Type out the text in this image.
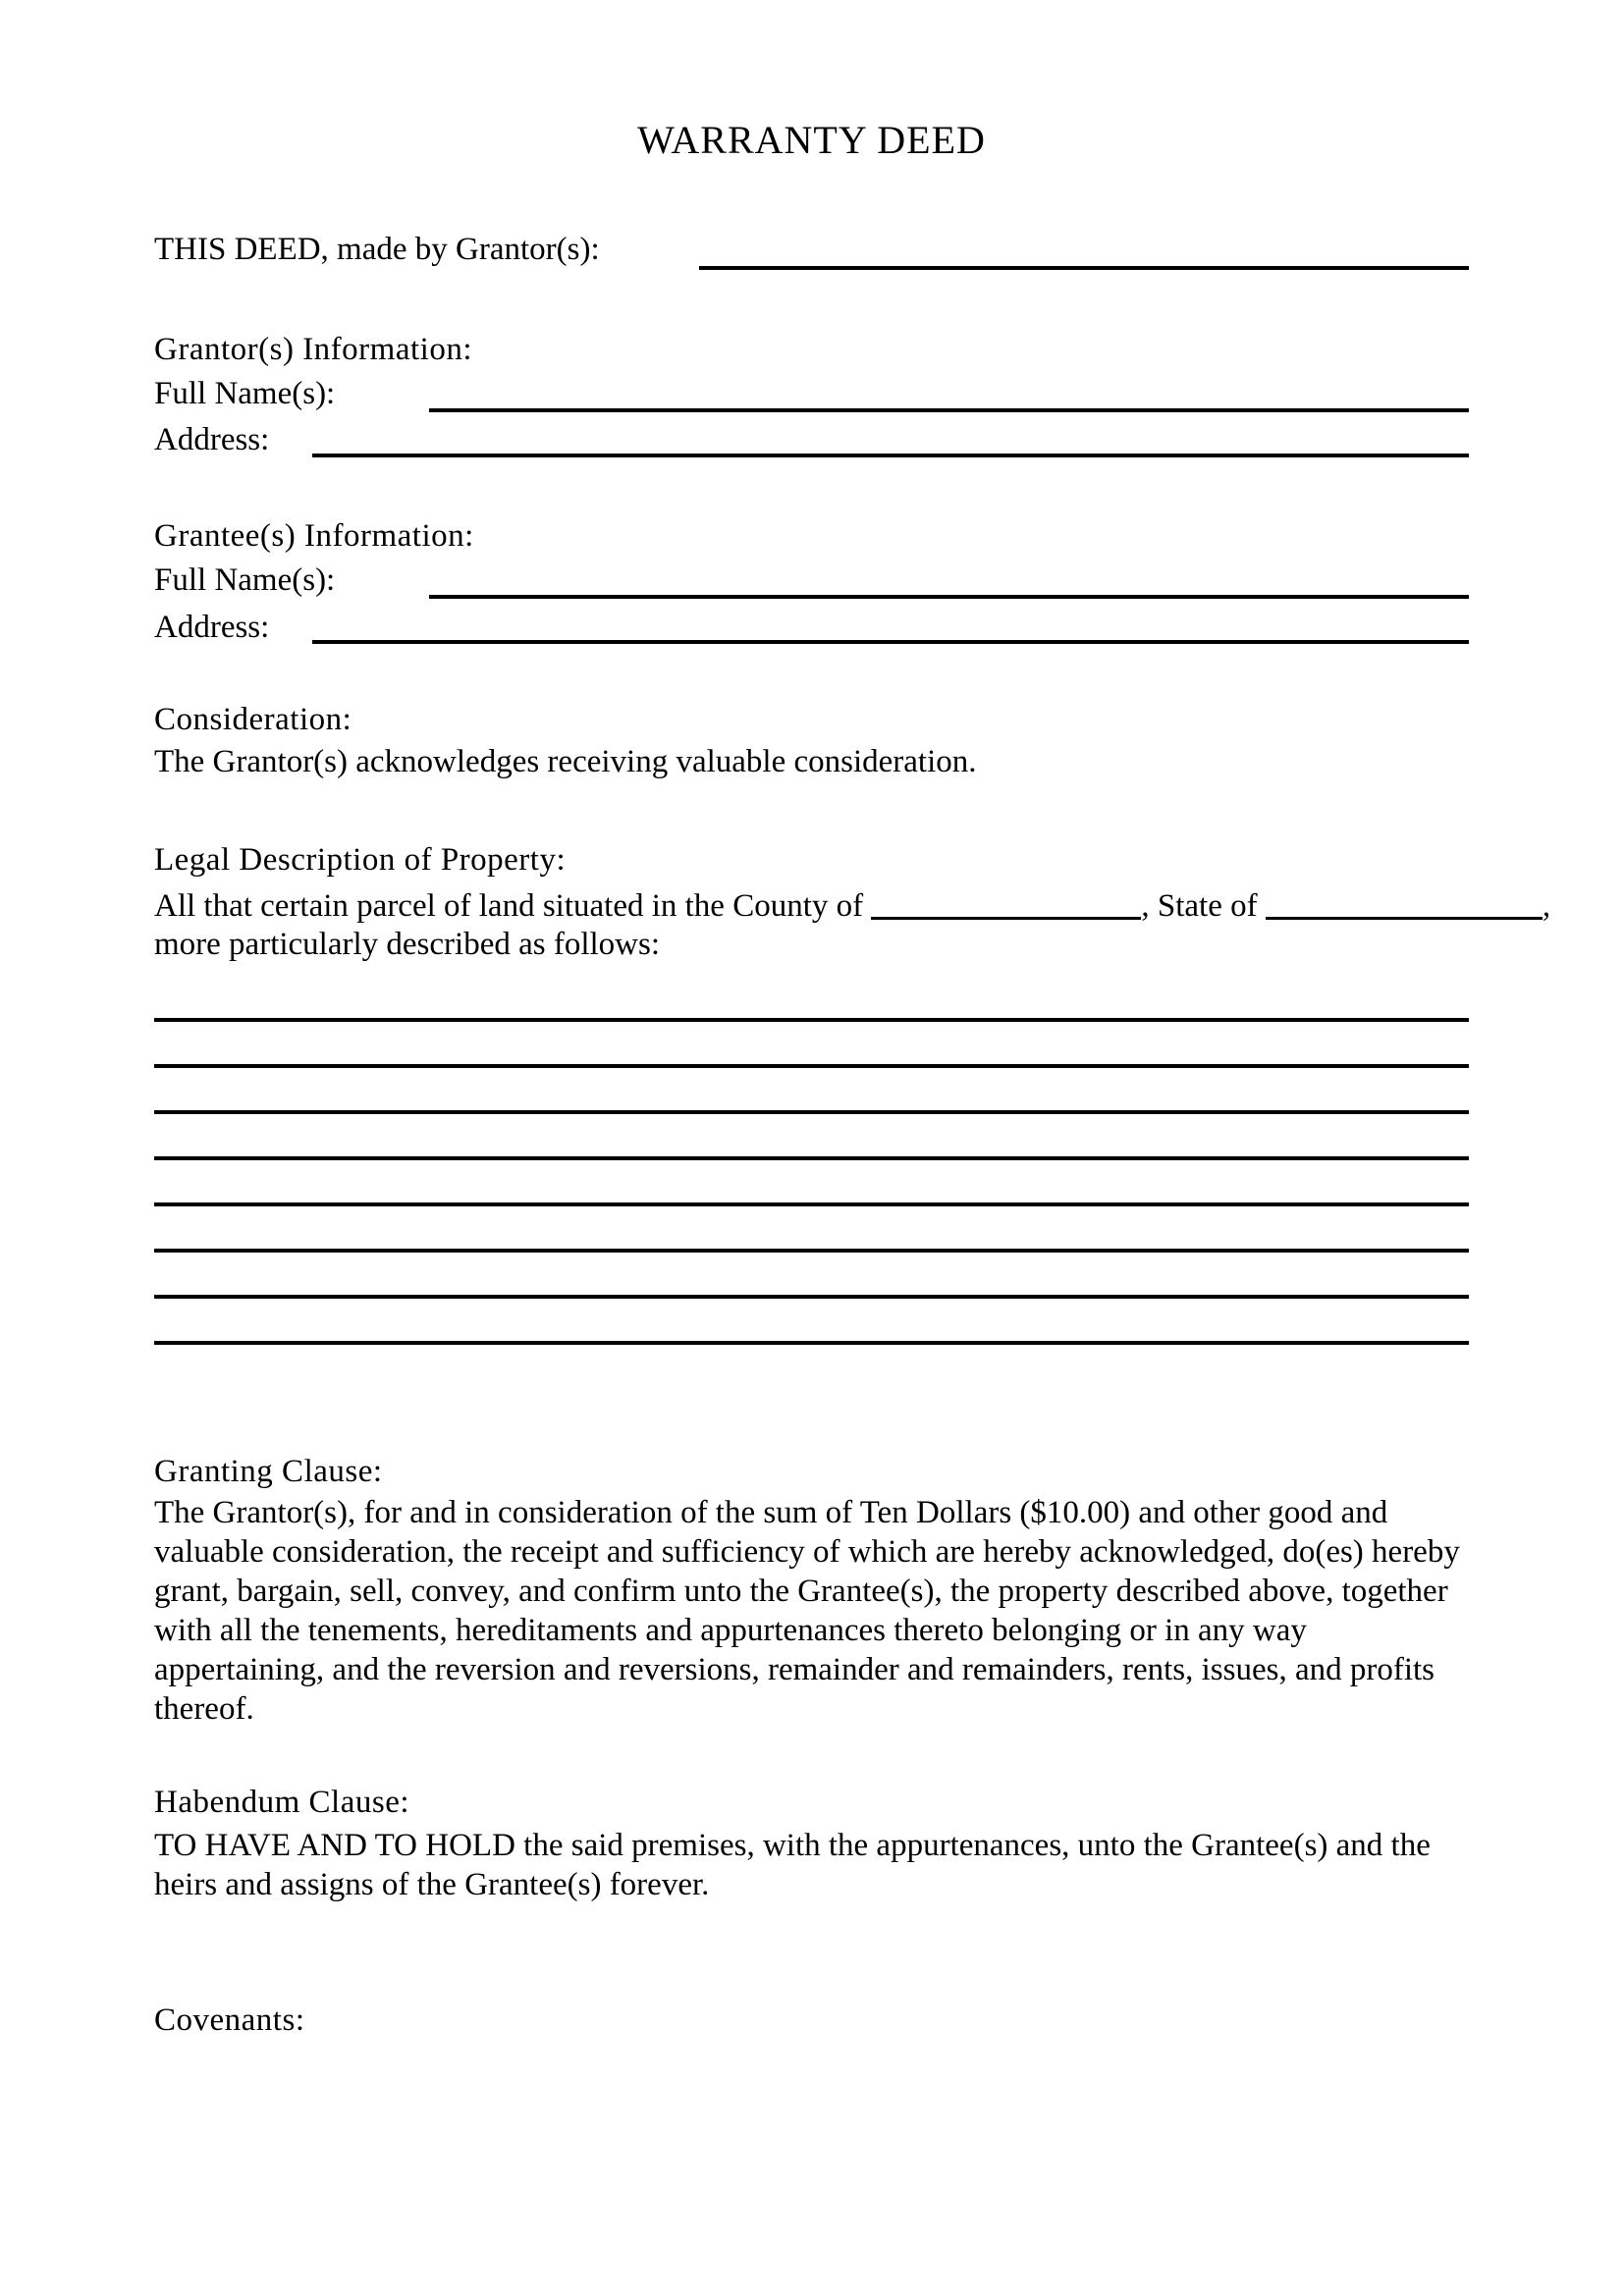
WARRANTY DEED
THIS DEED, made by Grantor(s):
Grantor(s) Information:
Full Name(s):
Address:
Grantee(s) Information:
Full Name(s):
Address:
Consideration:
The Grantor(s) acknowledges receiving valuable consideration.
Legal Description of Property:
All that certain parcel of land situated in the County of	, State of	,
more particularly described as follows:
Granting Clause:
The Grantor(s), for and in consideration of the sum of Ten Dollars ($10.00) and other good and valuable consideration, the receipt and sufficiency of which are hereby acknowledged, do(es) hereby grant, bargain, sell, convey, and confirm unto the Grantee(s), the property described above, together with all the tenements, hereditaments and appurtenances thereto belonging or in any way appertaining, and the reversion and reversions, remainder and remainders, rents, issues, and profits thereof.
Habendum Clause:
TO HAVE AND TO HOLD the said premises, with the appurtenances, unto the Grantee(s) and the heirs and assigns of the Grantee(s) forever.
Covenants:
